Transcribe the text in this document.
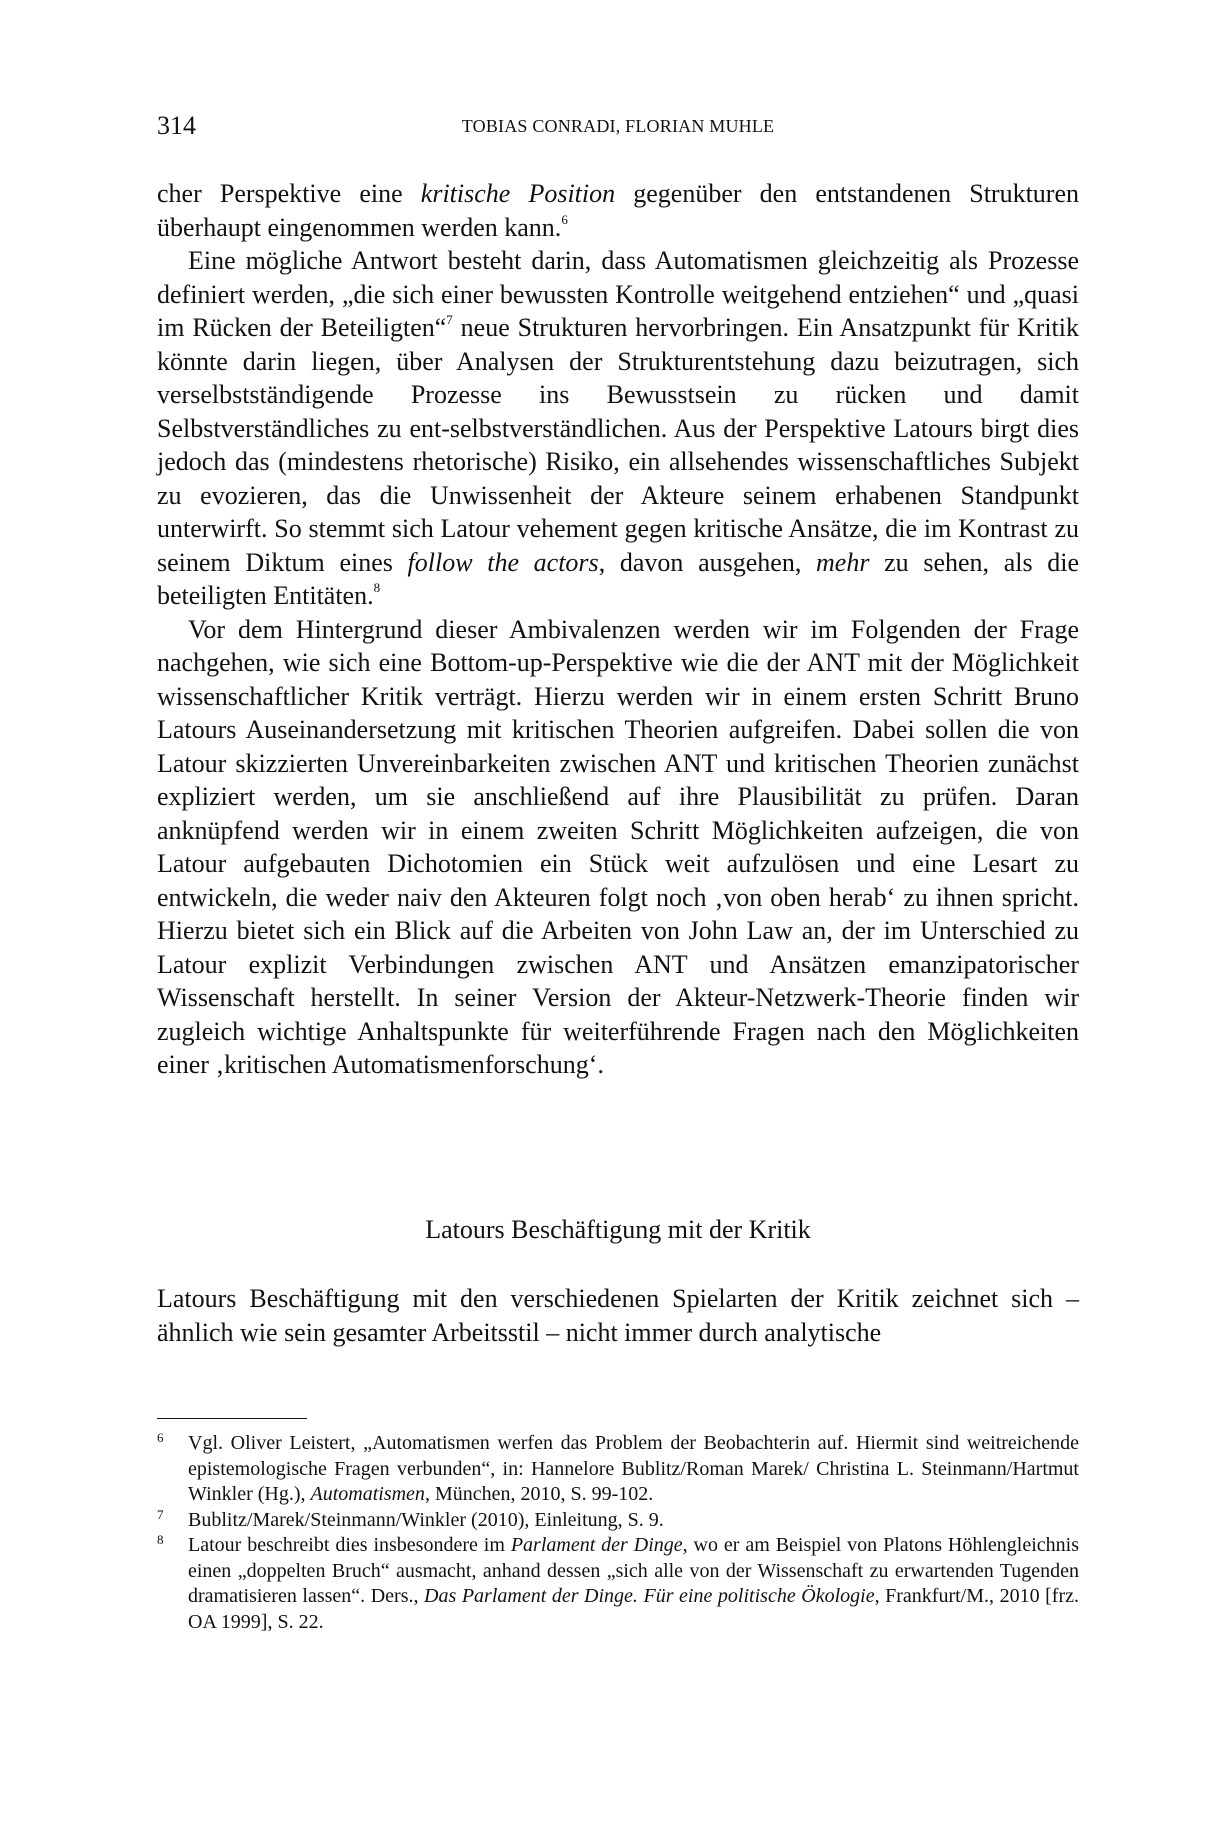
314	TOBIAS CONRADI, FLORIAN MUHLE

cher Perspektive eine kritische Position gegenüber den entstandenen Strukturen überhaupt eingenommen werden kann.$^6$

Eine mögliche Antwort besteht darin, dass Automatismen gleichzeitig als Prozesse definiert werden, „die sich einer bewussten Kontrolle weitgehend entziehen“ und „quasi im Rücken der Beteiligten“$^7$ neue Strukturen hervorbringen. Ein Ansatzpunkt für Kritik könnte darin liegen, über Analysen der Strukturentstehung dazu beizutragen, sich verselbstständigende Prozesse ins Bewusstsein zu rücken und damit Selbstverständliches zu ent-selbstverständlichen. Aus der Perspektive Latours birgt dies jedoch das (mindestens rhetorische) Risiko, ein allsehendes wissenschaftliches Subjekt zu evozieren, das die Unwissenheit der Akteure seinem erhabenen Standpunkt unterwirft. So stemmt sich Latour vehement gegen kritische Ansätze, die im Kontrast zu seinem Diktum eines follow the actors, davon ausgehen, mehr zu sehen, als die beteiligten Entitäten.$^8$

Vor dem Hintergrund dieser Ambivalenzen werden wir im Folgenden der Frage nachgehen, wie sich eine Bottom-up-Perspektive wie die der ANT mit der Möglichkeit wissenschaftlicher Kritik verträgt. Hierzu werden wir in einem ersten Schritt Bruno Latours Auseinandersetzung mit kritischen Theorien aufgreifen. Dabei sollen die von Latour skizzierten Unvereinbarkeiten zwischen ANT und kritischen Theorien zunächst expliziert werden, um sie anschließend auf ihre Plausibilität zu prüfen. Daran anknüpfend werden wir in einem zweiten Schritt Möglichkeiten aufzeigen, die von Latour aufgebauten Dichotomien ein Stück weit aufzulösen und eine Lesart zu entwickeln, die weder naiv den Akteuren folgt noch ‚von oben herab‘ zu ihnen spricht. Hierzu bietet sich ein Blick auf die Arbeiten von John Law an, der im Unterschied zu Latour explizit Verbindungen zwischen ANT und Ansätzen emanzipatorischer Wissenschaft herstellt. In seiner Version der Akteur-Netzwerk-Theorie finden wir zugleich wichtige Anhaltspunkte für weiterführende Fragen nach den Möglichkeiten einer ‚kritischen Automatismenforschung‘.

Latours Beschäftigung mit der Kritik

Latours Beschäftigung mit den verschiedenen Spielarten der Kritik zeichnet sich – ähnlich wie sein gesamter Arbeitsstil – nicht immer durch analytische

6 Vgl. Oliver Leistert, „Automatismen werfen das Problem der Beobachterin auf. Hiermit sind weitreichende epistemologische Fragen verbunden“, in: Hannelore Bublitz/Roman Marek/ Christina L. Steinmann/Hartmut Winkler (Hg.), Automatismen, München, 2010, S. 99-102.

7 Bublitz/Marek/Steinmann/Winkler (2010), Einleitung, S. 9.

8 Latour beschreibt dies insbesondere im Parlament der Dinge, wo er am Beispiel von Platons Höhlengleichnis einen „doppelten Bruch“ ausmacht, anhand dessen „sich alle von der Wissenschaft zu erwartenden Tugenden dramatisieren lassen“. Ders., Das Parlament der Dinge. Für eine politische Ökologie, Frankfurt/M., 2010 [frz. OA 1999], S. 22.
